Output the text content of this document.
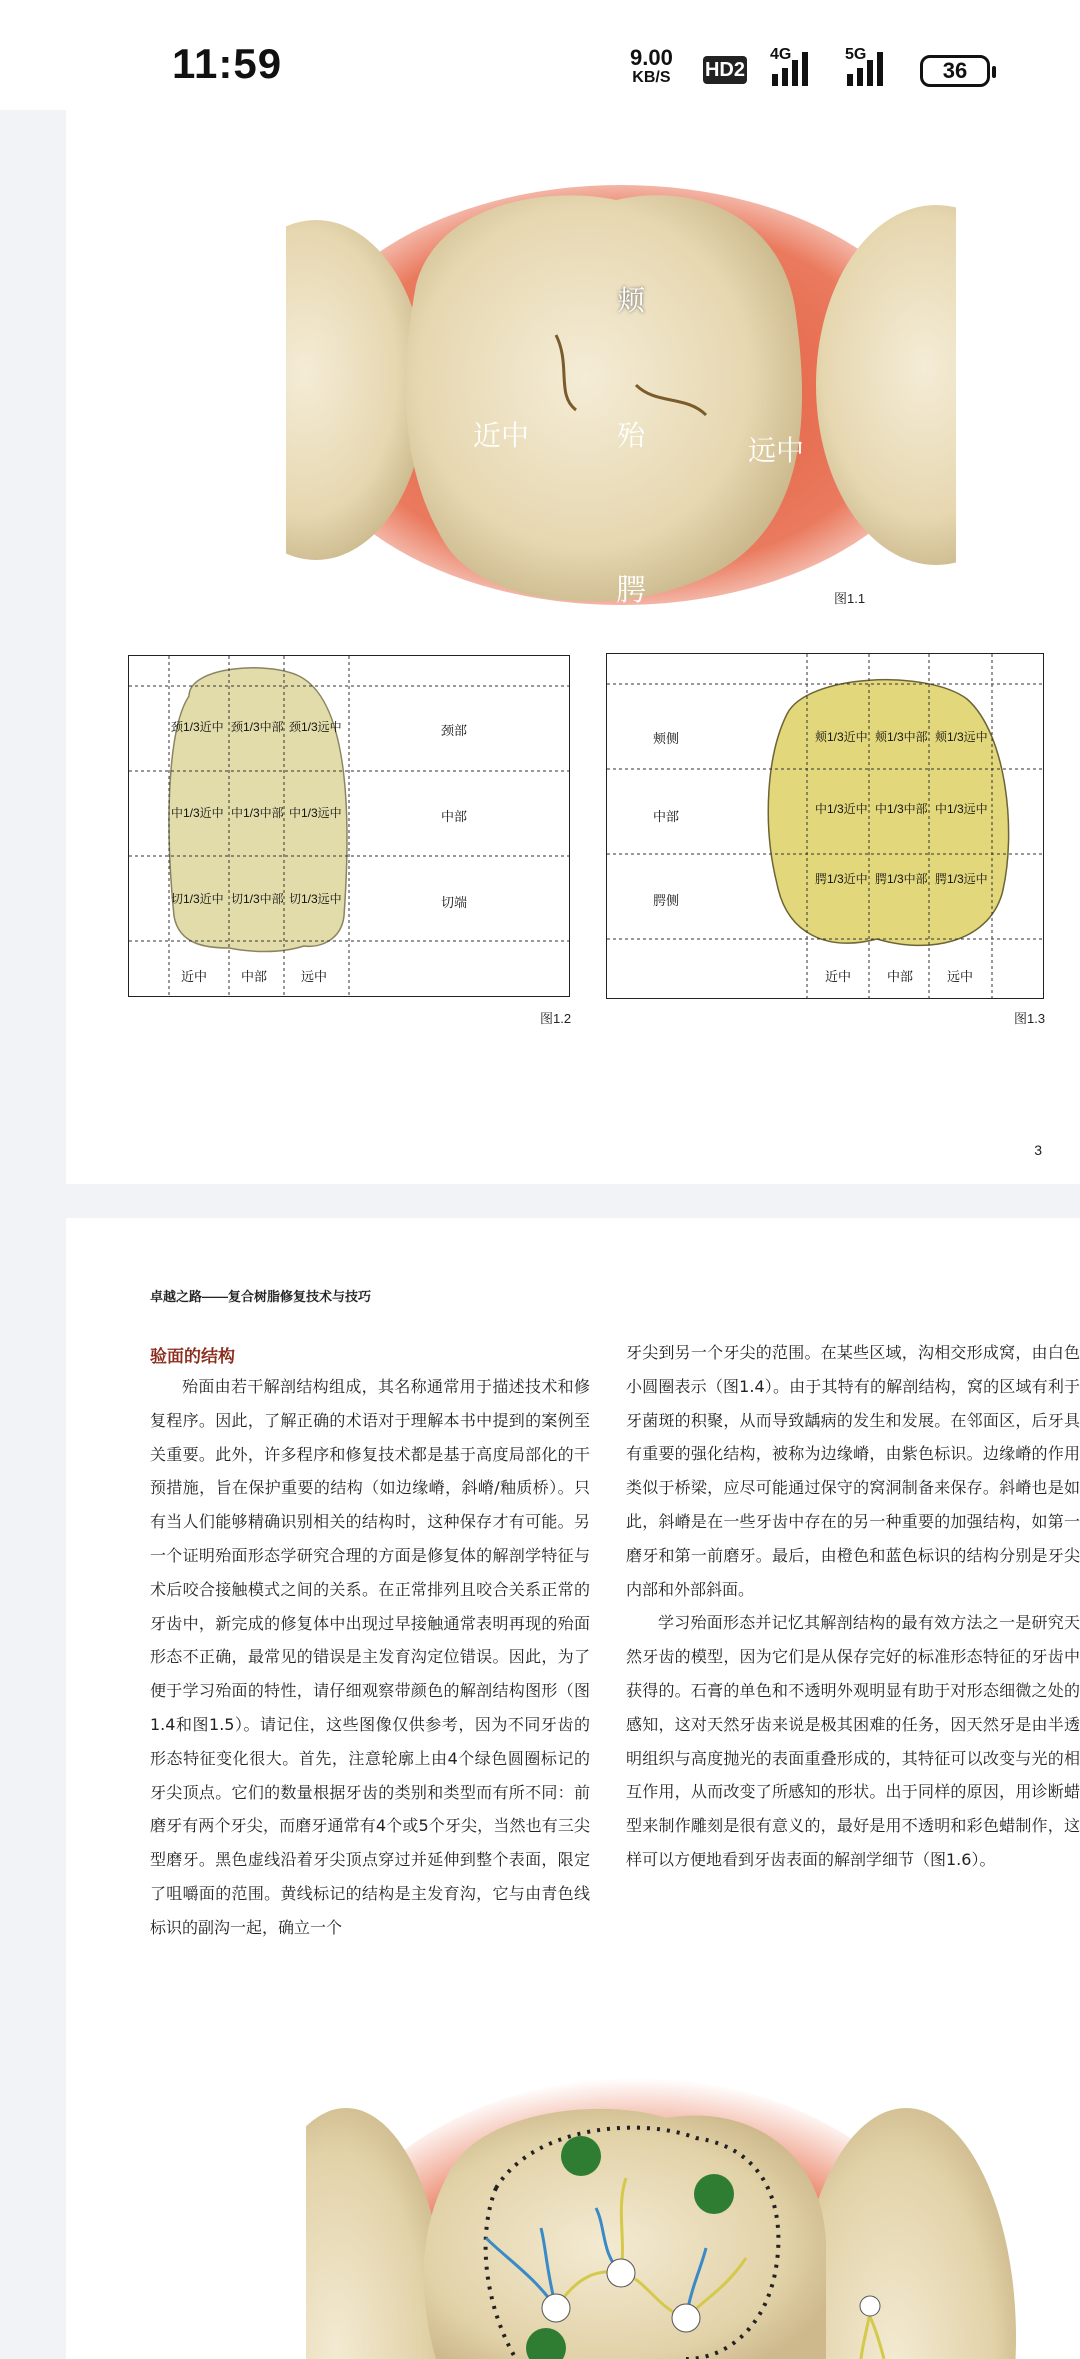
11:59	9.00
KB/S HD2
4G	5G
36
颊
近中	殆	远中
腭	图1.1
颈1/3近中 颈1/3中部 颈1/3远中
中1/3近中 中1/3中部 中1/3远中
切1/3近中 切1/3中部 切1/3远中
颈部
中部
切端
近中	中部	远中
图1.2
颊侧
中部
腭侧
颊1/3近中 颊1/3中部 颊1/3远中
中1/3近中 中1/3中部 中1/3远中
腭1/3近中 腭1/3中部 腭1/3远中
近中	中部	远中
图1.3
3
卓越之路——复合树脂修复技术与技巧
验面的结构

殆面由若干解剖结构组成，其名称通常用于描述技术和修复程序。因此，了解正确的术语对于理解本书中提到的案例至关重要。此外，许多程序和修复技术都是基于高度局部化的干预措施，旨在保护重要的结构（如边缘嵴，斜嵴/釉质桥）。只有当人们能够精确识别相关的结构时，这种保存才有可能。另一个证明殆面形态学研究合理的方面是修复体的解剖学特征与术后咬合接触模式之间的关系。在正常排列且咬合关系正常的牙齿中，新完成的修复体中出现过早接触通常表明再现的殆面形态不正确，最常见的错误是主发育沟定位错误。因此，为了便于学习殆面的特性，请仔细观察带颜色的解剖结构图形（图1.4和图1.5）。请记住，这些图像仅供参考，因为不同牙齿的形态特征变化很大。首先，注意轮廓上由4个绿色圆圈标记的牙尖顶点。它们的数量根据牙齿的类别和类型而有所不同：前磨牙有两个牙尖，而磨牙通常有4个或5个牙尖，当然也有三尖型磨牙。黑色虚线沿着牙尖顶点穿过并延伸到整个表面，限定了咀嚼面的范围。黄线标记的结构是主发育沟，它与由青色线标识的副沟一起，确立一个

牙尖到另一个牙尖的范围。在某些区域，沟相交形成窝，由白色小圆圈表示（图1.4）。由于其特有的解剖结构，窝的区域有利于牙菌斑的积聚，从而导致龋病的发生和发展。在邻面区，后牙具有重要的强化结构，被称为边缘嵴，由紫色标识。边缘嵴的作用类似于桥梁，应尽可能通过保守的窝洞制备来保存。斜嵴也是如此，斜嵴是在一些牙齿中存在的另一种重要的加强结构，如第一磨牙和第一前磨牙。最后，由橙色和蓝色标识的结构分别是牙尖内部和外部斜面。

学习殆面形态并记忆其解剖结构的最有效方法之一是研究天然牙齿的模型，因为它们是从保存完好的标准形态特征的牙齿中获得的。石膏的单色和不透明外观明显有助于对形态细微之处的感知，这对天然牙齿来说是极其困难的任务，因天然牙是由半透明组织与高度抛光的表面重叠形成的，其特征可以改变与光的相互作用，从而改变了所感知的形状。出于同样的原因，用诊断蜡型来制作雕刻是很有意义的，最好是用不透明和彩色蜡制作，这样可以方便地看到牙齿表面的解剖学细节（图1.6）。
